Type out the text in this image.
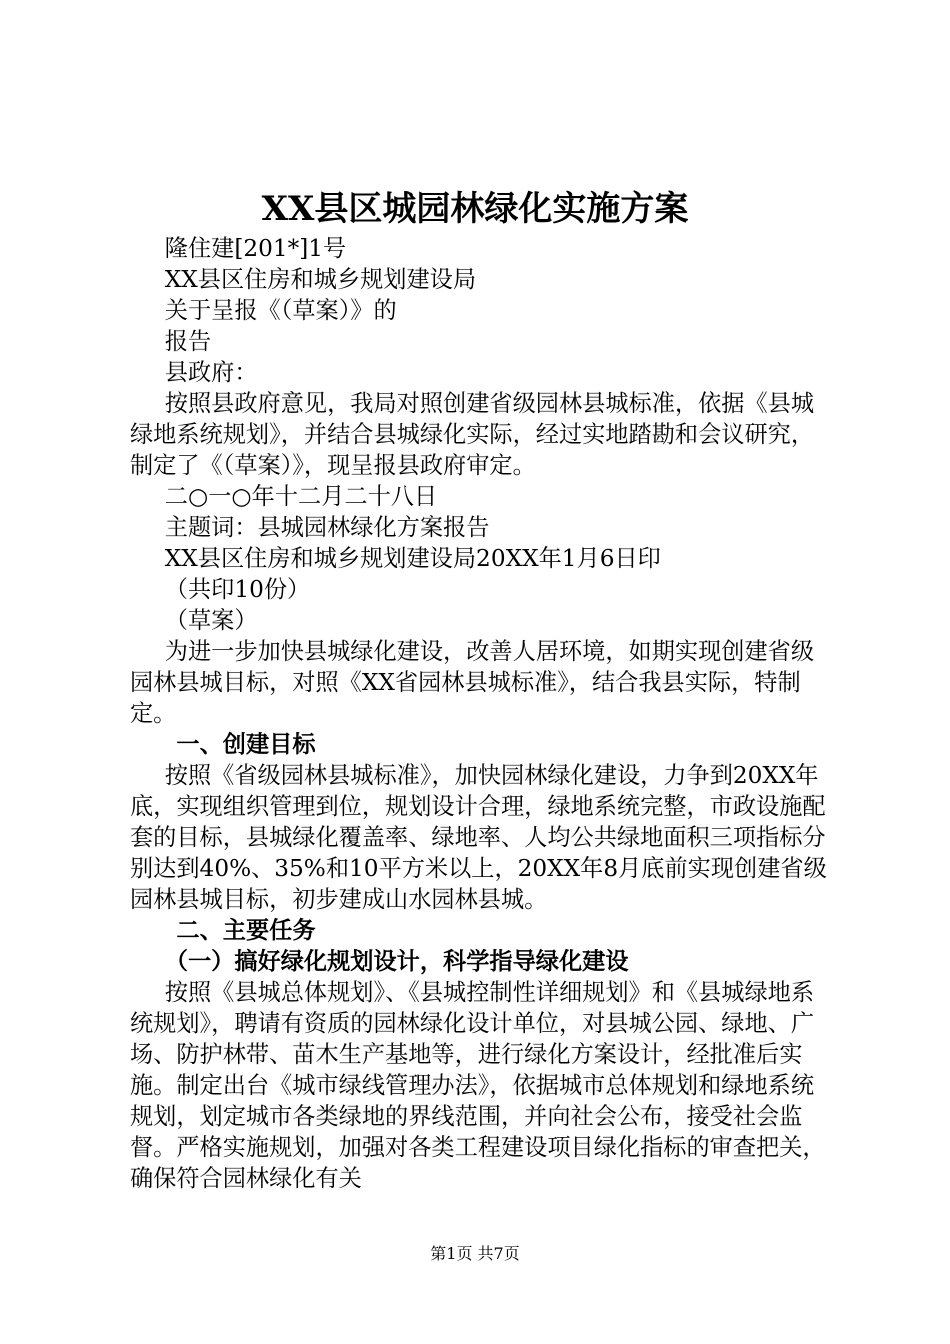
XX县区城园林绿化实施方案

隆住建[201*]1号

XX县区住房和城乡规划建设局

关于呈报《（草案）》的

报告

县政府：

按照县政府意见，我局对照创建省级园林县城标准，依据《县城绿地系统规划》，并结合县城绿化实际，经过实地踏勘和会议研究，制定了《（草案）》，现呈报县政府审定。

二○一○年十二月二十八日

主题词：县城园林绿化方案报告

XX县区住房和城乡规划建设局20XX年1月6日印

（共印10份）

（草案）

为进一步加快县城绿化建设，改善人居环境，如期实现创建省级园林县城目标，对照《XX省园林县城标准》，结合我县实际，特制定。

一、创建目标

按照《省级园林县城标准》，加快园林绿化建设，力争到20XX年底，实现组织管理到位，规划设计合理，绿地系统完整，市政设施配套的目标，县城绿化覆盖率、绿地率、人均公共绿地面积三项指标分别达到40%、35%和10平方米以上，20XX年8月底前实现创建省级园林县城目标，初步建成山水园林县城。

二、主要任务

（一）搞好绿化规划设计，科学指导绿化建设

按照《县城总体规划》、《县城控制性详细规划》和《县城绿地系统规划》，聘请有资质的园林绿化设计单位，对县城公园、绿地、广场、防护林带、苗木生产基地等，进行绿化方案设计，经批准后实施。制定出台《城市绿线管理办法》，依据城市总体规划和绿地系统规划，划定城市各类绿地的界线范围，并向社会公布，接受社会监督。严格实施规划，加强对各类工程建设项目绿化指标的审查把关，确保符合园林绿化有关

第1页 共7页
